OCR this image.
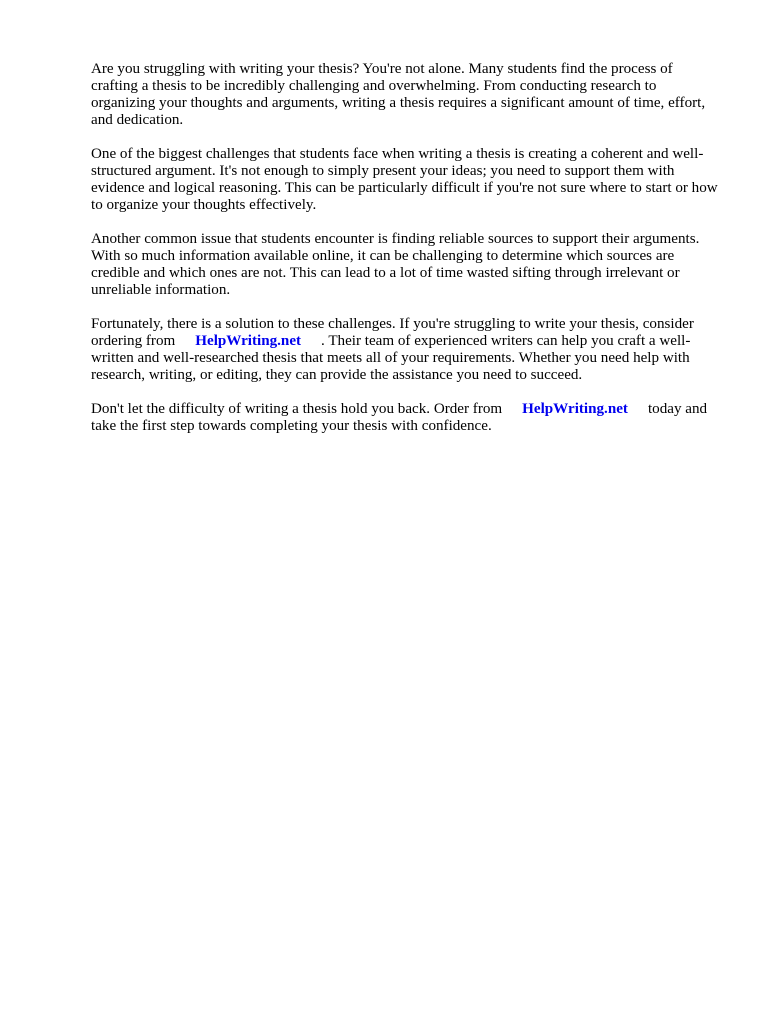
Are you struggling with writing your thesis? You're not alone. Many students find the process of crafting a thesis to be incredibly challenging and overwhelming. From conducting research to organizing your thoughts and arguments, writing a thesis requires a significant amount of time, effort, and dedication.

One of the biggest challenges that students face when writing a thesis is creating a coherent and well-structured argument. It's not enough to simply present your ideas; you need to support them with evidence and logical reasoning. This can be particularly difficult if you're not sure where to start or how to organize your thoughts effectively.

Another common issue that students encounter is finding reliable sources to support their arguments. With so much information available online, it can be challenging to determine which sources are credible and which ones are not. This can lead to a lot of time wasted sifting through irrelevant or unreliable information.

Fortunately, there is a solution to these challenges. If you're struggling to write your thesis, consider ordering from HelpWriting.net . Their team of experienced writers can help you craft a well-written and well-researched thesis that meets all of your requirements. Whether you need help with research, writing, or editing, they can provide the assistance you need to succeed.

Don't let the difficulty of writing a thesis hold you back. Order from HelpWriting.net today and take the first step towards completing your thesis with confidence.
